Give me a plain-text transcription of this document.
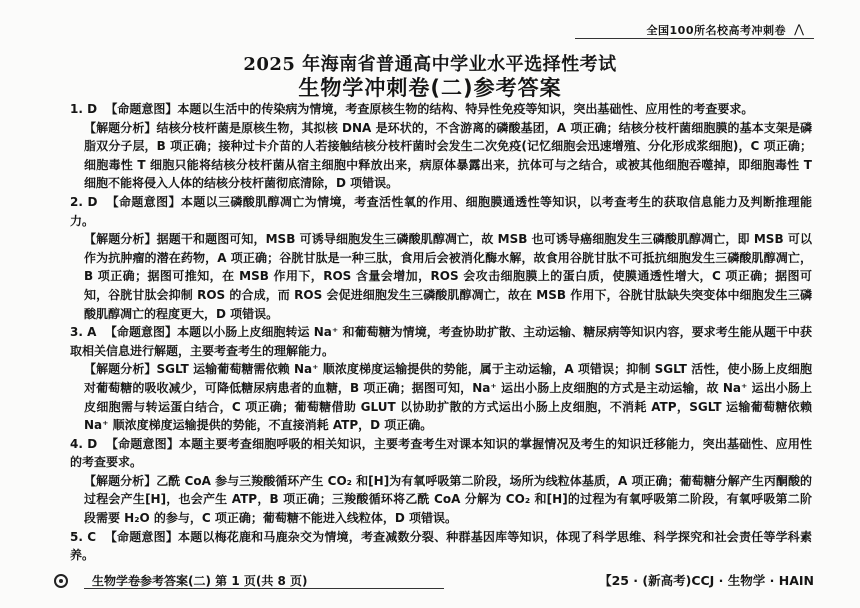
全国100所名校高考冲刺卷 ⋀
2025 年海南省普通高中学业水平选择性考试
生物学冲刺卷(二)参考答案

1. D 【命题意图】本题以生活中的传染病为情境，考查原核生物的结构、特异性免疫等知识，突出基础性、应用性的考查要求。

【解题分析】结核分枝杆菌是原核生物，其拟核 DNA 是环状的，不含游离的磷酸基团，A 项正确；结核分枝杆菌细胞膜的基本支架是磷脂双分子层，B 项正确；接种过卡介苗的人若接触结核分枝杆菌时会发生二次免疫(记忆细胞会迅速增殖、分化形成浆细胞)，C 项正确；细胞毒性 T 细胞只能将结核分枝杆菌从宿主细胞中释放出来，病原体暴露出来，抗体可与之结合，或被其他细胞吞噬掉，即细胞毒性 T 细胞不能将侵入人体的结核分枝杆菌彻底清除，D 项错误。

2. D 【命题意图】本题以三磷酸肌醇凋亡为情境，考查活性氧的作用、细胞膜通透性等知识，以考查考生的获取信息能力及判断推理能力。

【解题分析】据题干和题图可知，MSB 可诱导细胞发生三磷酸肌醇凋亡，故 MSB 也可诱导癌细胞发生三磷酸肌醇凋亡，即 MSB 可以作为抗肿瘤的潜在药物，A 项正确；谷胱甘肽是一种三肽，食用后会被消化酶水解，故食用谷胱甘肽不可抵抗细胞发生三磷酸肌醇凋亡，B 项正确；据图可推知，在 MSB 作用下，ROS 含量会增加，ROS 会攻击细胞膜上的蛋白质，使膜通透性增大，C 项正确；据图可知，谷胱甘肽会抑制 ROS 的合成，而 ROS 会促进细胞发生三磷酸肌醇凋亡，故在 MSB 作用下，谷胱甘肽缺失突变体中细胞发生三磷酸肌醇凋亡的程度更大，D 项错误。

3. A 【命题意图】本题以小肠上皮细胞转运 Na⁺ 和葡萄糖为情境，考查协助扩散、主动运输、糖尿病等知识内容，要求考生能从题干中获取相关信息进行解题，主要考查考生的理解能力。

【解题分析】SGLT 运输葡萄糖需依赖 Na⁺ 顺浓度梯度运输提供的势能，属于主动运输，A 项错误；抑制 SGLT 活性，使小肠上皮细胞对葡萄糖的吸收减少，可降低糖尿病患者的血糖，B 项正确；据图可知，Na⁺ 运出小肠上皮细胞的方式是主动运输，故 Na⁺ 运出小肠上皮细胞需与转运蛋白结合，C 项正确；葡萄糖借助 GLUT 以协助扩散的方式运出小肠上皮细胞，不消耗 ATP，SGLT 运输葡萄糖依赖 Na⁺ 顺浓度梯度运输提供的势能，不直接消耗 ATP，D 项正确。

4. D 【命题意图】本题主要考查细胞呼吸的相关知识，主要考查考生对课本知识的掌握情况及考生的知识迁移能力，突出基础性、应用性的考查要求。

【解题分析】乙酰 CoA 参与三羧酸循环产生 CO₂ 和[H]为有氧呼吸第二阶段，场所为线粒体基质，A 项正确；葡萄糖分解产生丙酮酸的过程会产生[H]，也会产生 ATP，B 项正确；三羧酸循环将乙酰 CoA 分解为 CO₂ 和[H]的过程为有氧呼吸第二阶段，有氧呼吸第二阶段需要 H₂O 的参与，C 项正确；葡萄糖不能进入线粒体，D 项错误。

5. C 【命题意图】本题以梅花鹿和马鹿杂交为情境，考查减数分裂、种群基因库等知识，体现了科学思维、科学探究和社会责任等学科素养。

生物学卷参考答案(二) 第 1 页(共 8 页)	【25 · (新高考)CCJ · 生物学 · HAIN
